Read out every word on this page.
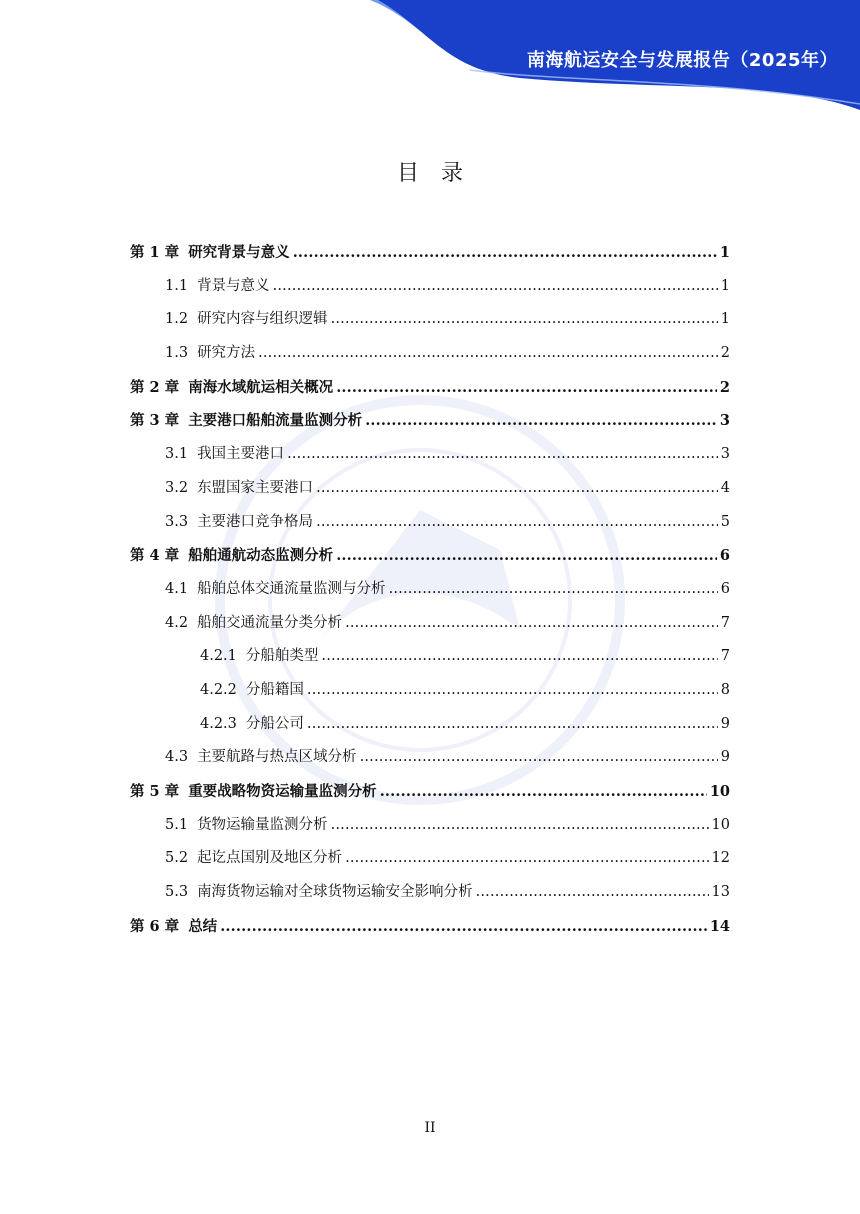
南海航运安全与发展报告（2025年）
目录
第 1 章 研究背景与意义 .....	1
1.1 背景与意义 .....	1
1.2 研究内容与组织逻辑 .....	1
1.3 研究方法 .....	2
第 2 章 南海水域航运相关概况 .....	2
第 3 章 主要港口船舶流量监测分析 .....	3
3.1 我国主要港口 .....	3
3.2 东盟国家主要港口 .....	4
3.3 主要港口竞争格局 .....	5
第 4 章 船舶通航动态监测分析 .....	6
4.1 船舶总体交通流量监测与分析 .....	6
4.2 船舶交通流量分类分析 .....	7
4.2.1 分船舶类型 .....	7
4.2.2 分船籍国 .....	8
4.2.3 分船公司 .....	9
4.3 主要航路与热点区域分析 .....	9
第 5 章 重要战略物资运输量监测分析 .....	10
5.1 货物运输量监测分析 .....	10
5.2 起讫点国别及地区分析 .....	12
5.3 南海货物运输对全球货物运输安全影响分析 .....	13
第 6 章 总结 .....	14
II
